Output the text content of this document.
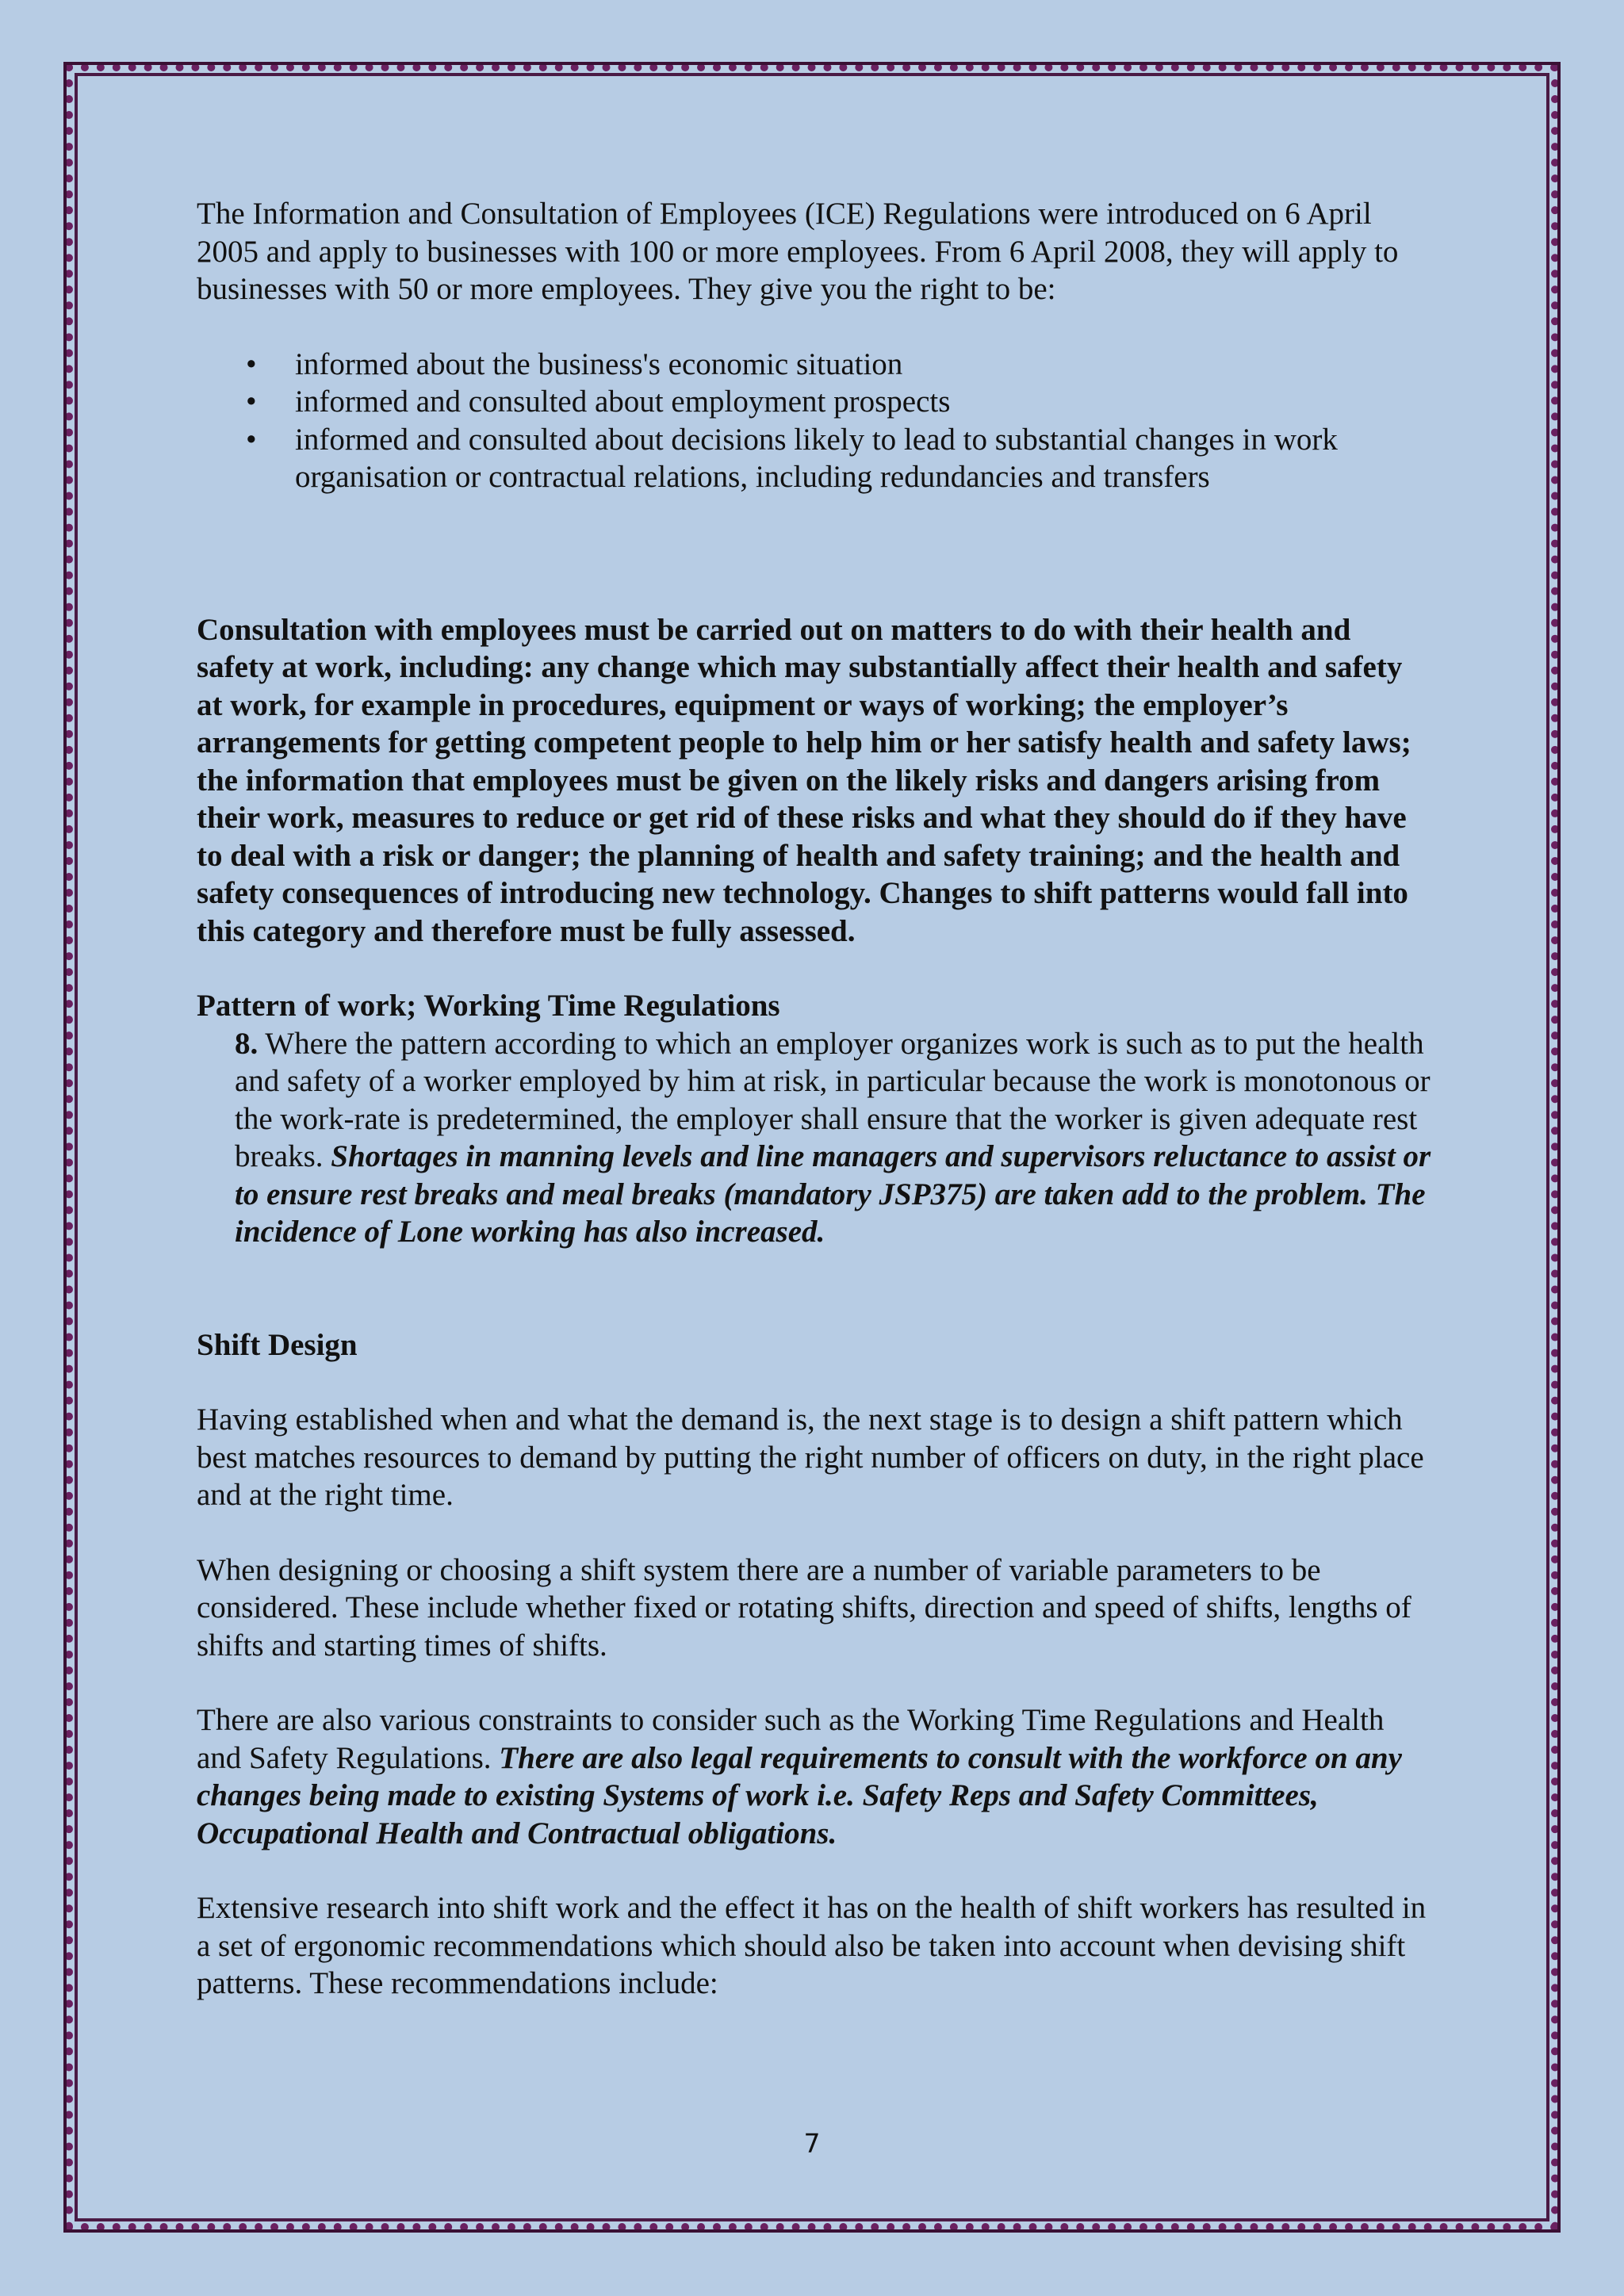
The Information and Consultation of Employees (ICE) Regulations were introduced on 6 April 2005 and apply to businesses with 100 or more employees. From 6 April 2008, they will apply to businesses with 50 or more employees. They give you the right to be:

• informed about the business's economic situation
• informed and consulted about employment prospects
• informed and consulted about decisions likely to lead to substantial changes in work organisation or contractual relations, including redundancies and transfers

Consultation with employees must be carried out on matters to do with their health and safety at work, including: any change which may substantially affect their health and safety at work, for example in procedures, equipment or ways of working; the employer’s arrangements for getting competent people to help him or her satisfy health and safety laws; the information that employees must be given on the likely risks and dangers arising from their work, measures to reduce or get rid of these risks and what they should do if they have to deal with a risk or danger; the planning of health and safety training; and the health and safety consequences of introducing new technology. Changes to shift patterns would fall into this category and therefore must be fully assessed.

Pattern of work; Working Time Regulations

8. Where the pattern according to which an employer organizes work is such as to put the health and safety of a worker employed by him at risk, in particular because the work is monotonous or the work-rate is predetermined, the employer shall ensure that the worker is given adequate rest breaks. Shortages in manning levels and line managers and supervisors reluctance to assist or to ensure rest breaks and meal breaks (mandatory JSP375) are taken add to the problem. The incidence of Lone working has also increased.

Shift Design

Having established when and what the demand is, the next stage is to design a shift pattern which best matches resources to demand by putting the right number of officers on duty, in the right place and at the right time.

When designing or choosing a shift system there are a number of variable parameters to be considered. These include whether fixed or rotating shifts, direction and speed of shifts, lengths of shifts and starting times of shifts.

There are also various constraints to consider such as the Working Time Regulations and Health and Safety Regulations. There are also legal requirements to consult with the workforce on any changes being made to existing Systems of work i.e. Safety Reps and Safety Committees, Occupational Health and Contractual obligations.

Extensive research into shift work and the effect it has on the health of shift workers has resulted in a set of ergonomic recommendations which should also be taken into account when devising shift patterns. These recommendations include:

7
